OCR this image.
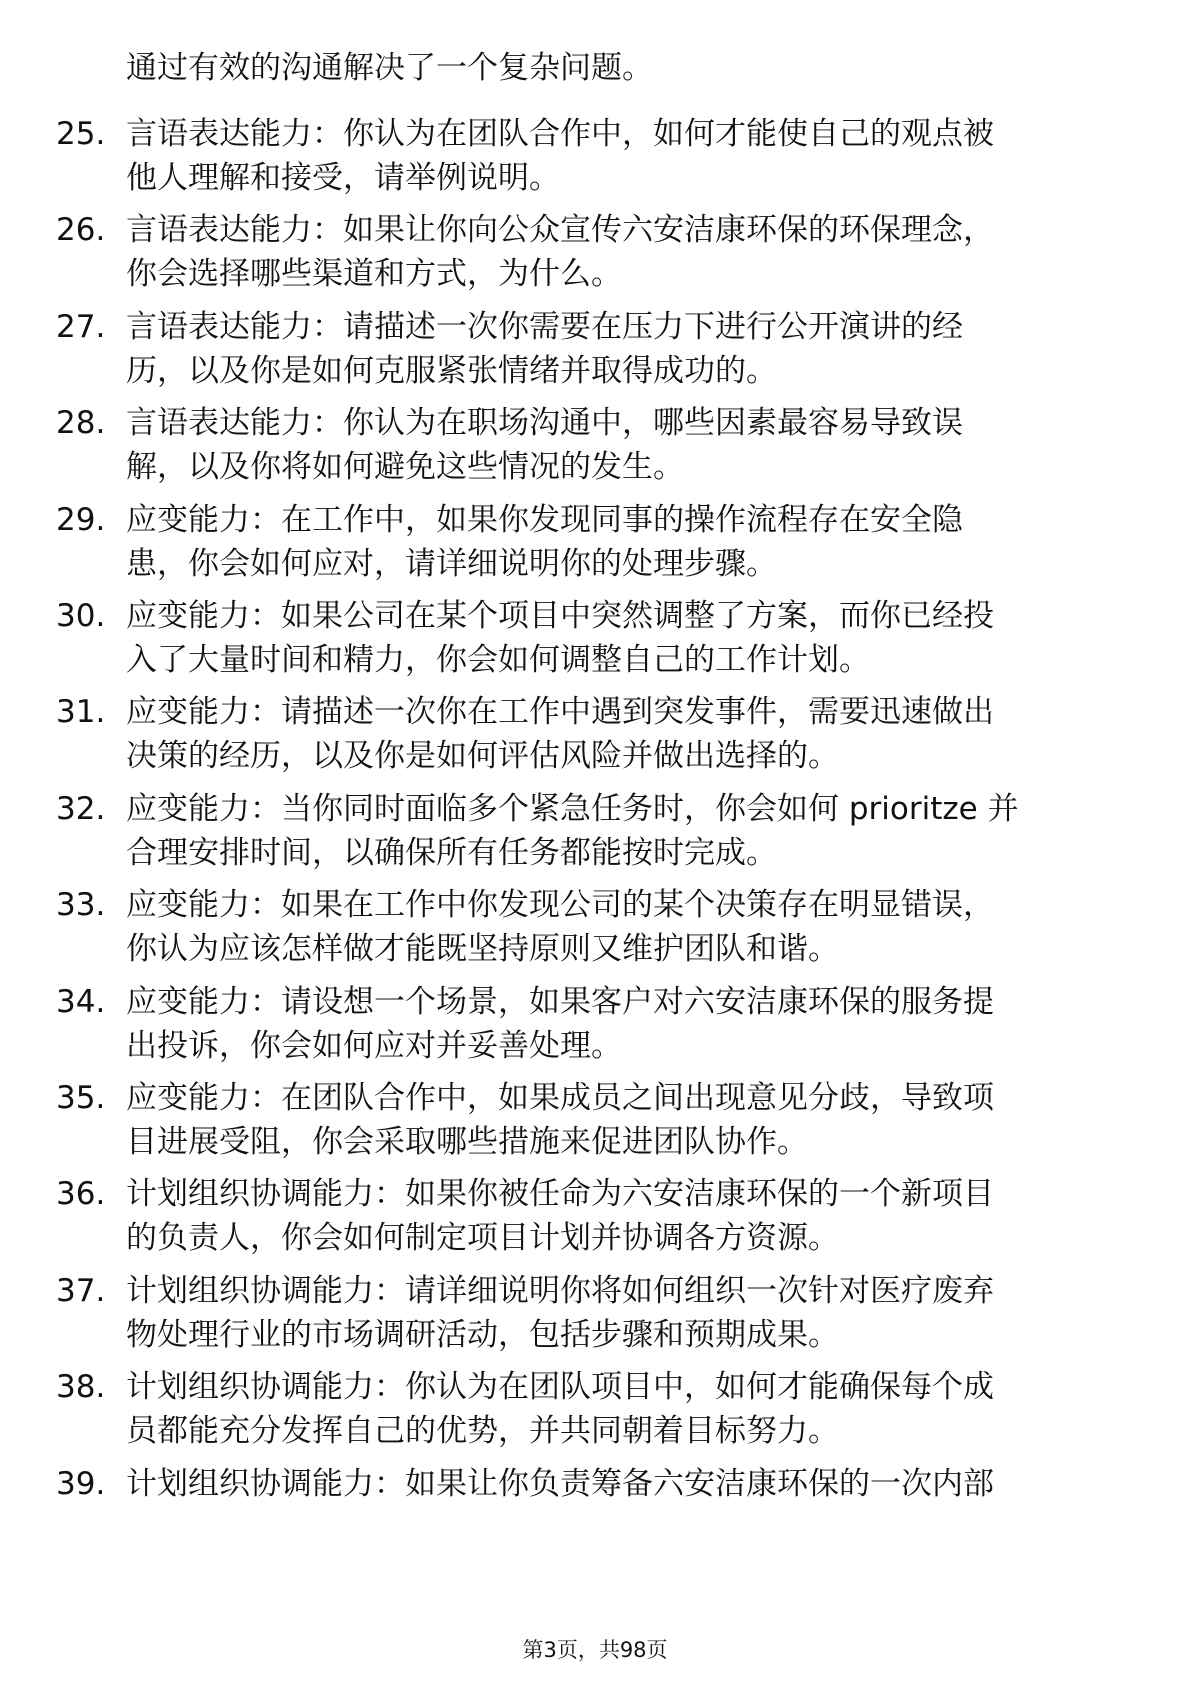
通过有效的沟通解决了一个复杂问题。
25. 言语表达能力：你认为在团队合作中，如何才能使自己的观点被
他人理解和接受，请举例说明。
26. 言语表达能力：如果让你向公众宣传六安洁康环保的环保理念，
你会选择哪些渠道和方式，为什么。
27. 言语表达能力：请描述一次你需要在压力下进行公开演讲的经
历，以及你是如何克服紧张情绪并取得成功的。
28. 言语表达能力：你认为在职场沟通中，哪些因素最容易导致误
解，以及你将如何避免这些情况的发生。
29. 应变能力：在工作中，如果你发现同事的操作流程存在安全隐
患，你会如何应对，请详细说明你的处理步骤。
30. 应变能力：如果公司在某个项目中突然调整了方案，而你已经投
入了大量时间和精力，你会如何调整自己的工作计划。
31. 应变能力：请描述一次你在工作中遇到突发事件，需要迅速做出
决策的经历，以及你是如何评估风险并做出选择的。
32. 应变能力：当你同时面临多个紧急任务时，你会如何 prioritze 并
合理安排时间，以确保所有任务都能按时完成。
33. 应变能力：如果在工作中你发现公司的某个决策存在明显错误，
你认为应该怎样做才能既坚持原则又维护团队和谐。
34. 应变能力：请设想一个场景，如果客户对六安洁康环保的服务提
出投诉，你会如何应对并妥善处理。
35. 应变能力：在团队合作中，如果成员之间出现意见分歧，导致项
目进展受阻，你会采取哪些措施来促进团队协作。
36. 计划组织协调能力：如果你被任命为六安洁康环保的一个新项目
的负责人，你会如何制定项目计划并协调各方资源。
37. 计划组织协调能力：请详细说明你将如何组织一次针对医疗废弃
物处理行业的市场调研活动，包括步骤和预期成果。
38. 计划组织协调能力：你认为在团队项目中，如何才能确保每个成
员都能充分发挥自己的优势，并共同朝着目标努力。
39. 计划组织协调能力：如果让你负责筹备六安洁康环保的一次内部
第3页，共98页
